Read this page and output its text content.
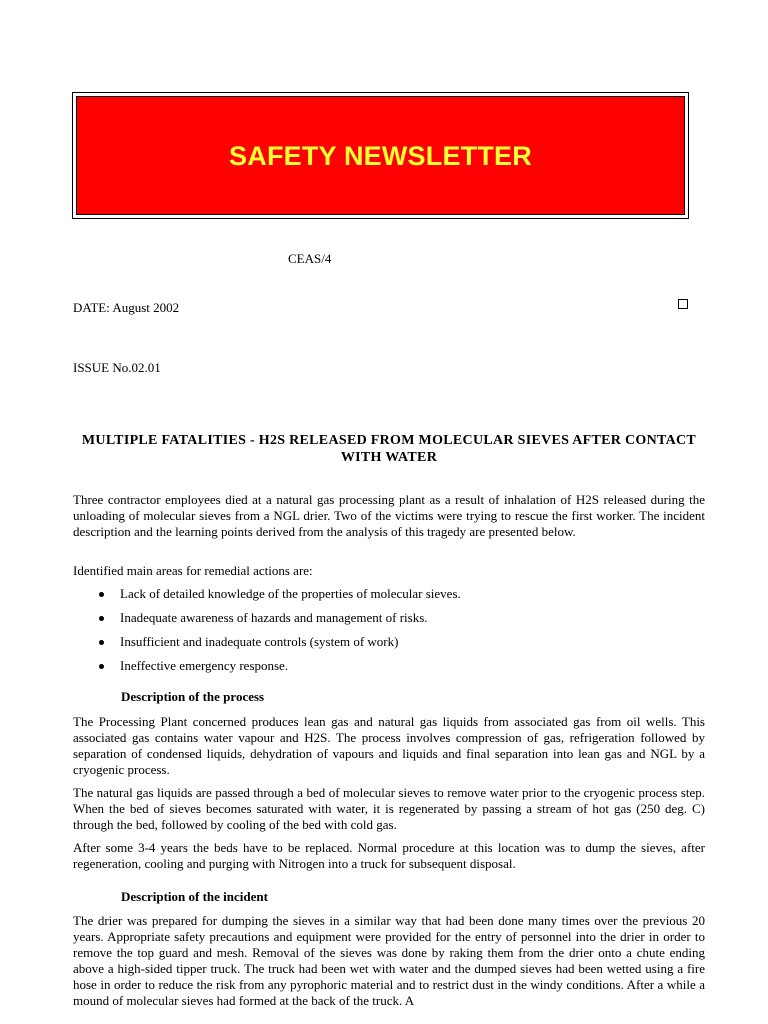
SAFETY NEWSLETTER
CEAS/4
DATE: August 2002
ISSUE No.02.01
MULTIPLE FATALITIES - H2S RELEASED FROM MOLECULAR SIEVES AFTER CONTACT WITH WATER
Three contractor employees died at a natural gas processing plant as a result of inhalation of H2S released during the unloading of molecular sieves from a NGL drier. Two of the victims were trying to rescue the first worker. The incident description and the learning points derived from the analysis of this tragedy are presented below.
Identified main areas for remedial actions are:
Lack of detailed knowledge of the properties of molecular sieves.
Inadequate awareness of hazards and management of risks.
Insufficient and inadequate controls (system of work)
Ineffective emergency response.
Description of the process
The Processing Plant concerned produces lean gas and natural gas liquids from associated gas from oil wells. This associated gas contains water vapour and H2S. The process involves compression of gas, refrigeration followed by separation of condensed liquids, dehydration of vapours and liquids and final separation into lean gas and NGL by a cryogenic process.
The natural gas liquids are passed through a bed of molecular sieves to remove water prior to the cryogenic process step. When the bed of sieves becomes saturated with water, it is regenerated by passing a stream of hot gas (250 deg. C) through the bed, followed by cooling of the bed with cold gas.
After some 3-4 years the beds have to be replaced. Normal procedure at this location was to dump the sieves, after regeneration, cooling and purging with Nitrogen into a truck for subsequent disposal.
Description of the incident
The drier was prepared for dumping the sieves in a similar way that had been done many times over the previous 20 years. Appropriate safety precautions and equipment were provided for the entry of personnel into the drier in order to remove the top guard and mesh. Removal of the sieves was done by raking them from the drier onto a chute ending above a high-sided tipper truck. The truck had been wet with water and the dumped sieves had been wetted using a fire hose in order to reduce the risk from any pyrophoric material and to restrict dust in the windy conditions. After a while a mound of molecular sieves had formed at the back of the truck. A
